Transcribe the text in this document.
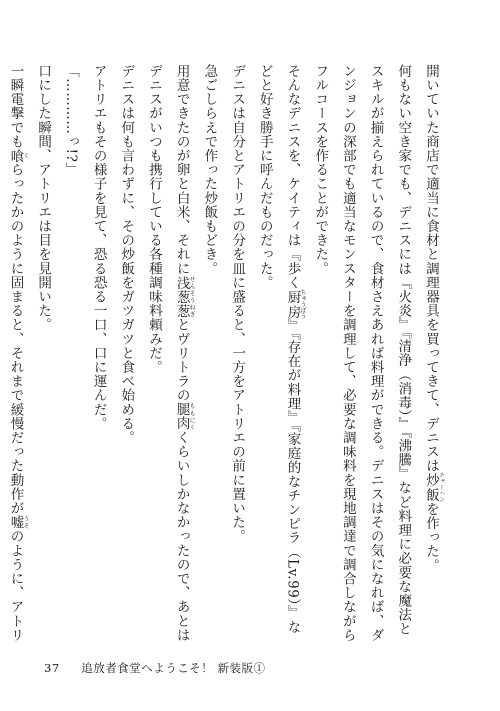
開いていた商店で適当に食材と調理器具を買ってきて、デニスは炒飯チャーハンを作った。

何もない空き家でも、デニスには『火炎』『清浄（消毒）』『沸騰』など料理に必要な魔法とスキルが揃えられているので、食材さえあれば料理ができる。デニスはその気になれば、ダンジョンの深部でも適当なモンスターを調理して、必要な調味料を現地調達で調合しながらフルコースを作ることができた。

そんなデニスを、ケイティは『歩く厨房ちゅうぼう』『存在が料理』『家庭的なチンピラ（Lv.99）』などと好き勝手に呼んだものだった。

デニスは自分とアトリエの分を皿に盛ると、一方をアトリエの前に置いた。

急ごしらえで作った炒飯もどき。

用意できたのが卵と白米、それに浅葱せんそう葱ねぎとヴリトラの腿肉ももにくくらいしかなかったので、あとはデニスがいつも携行している各種調味料頼みだ。

デニスは何も言わずに、その炒飯をガツガツと食べ始める。

アトリエもその様子を見て、恐る恐る一口、口に運んだ。

「…………っ!?」

口にした瞬間、アトリエは目を見開いた。

一瞬電撃でも喰くらったかのように固まると、それまで緩慢だった動作が嘘うそのように、アトリ

37 追放者食堂へようこそ！ 新装版①
